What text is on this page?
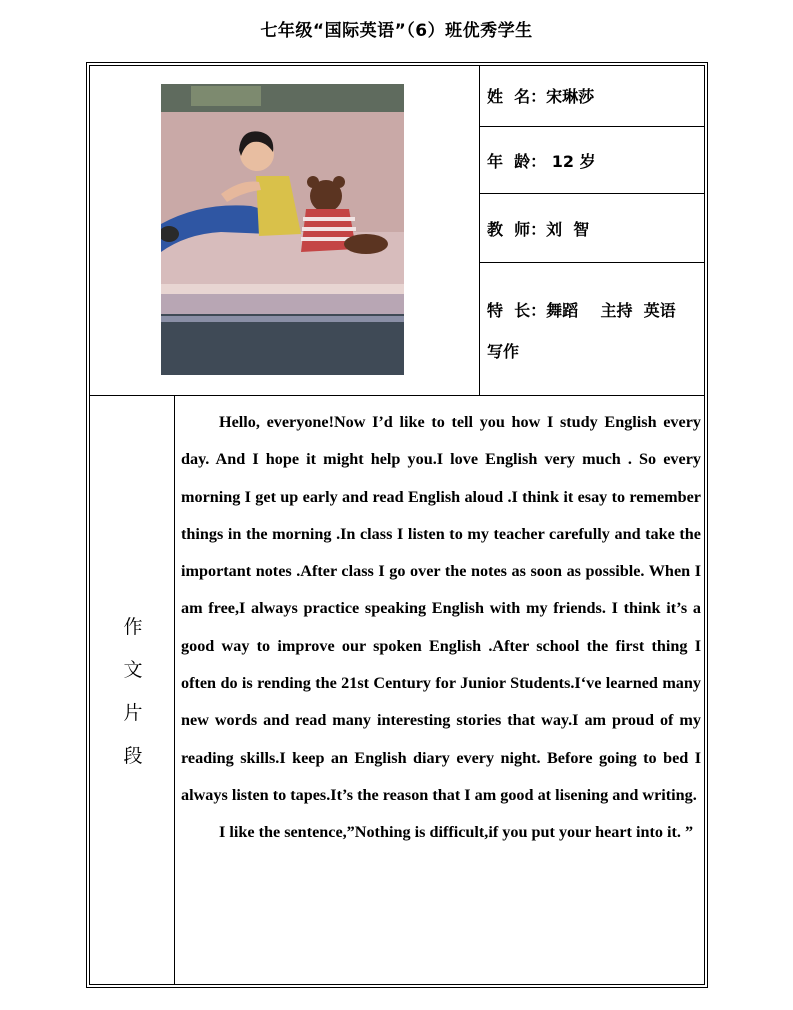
七年级“国际英语”（6）班优秀学生
姓  名：宋琳莎
年  龄： 12 岁
教  师：刘  智
特  长：舞蹈    主持  英语
写作
作
文
片
段

Hello, everyone!Now I’d like to tell you how I study English every day. And I hope it might help you.I love English very much . So every morning I get up early and read English aloud .I think it esay to remember things in the morning .In class I listen to my teacher carefully and take the important notes .After class I go over the notes as soon as possible. When I am free,I always practice speaking English with my friends. I think it’s a good way to improve our spoken English .After school the first thing I often do is rending the 21st Century for Junior Students.I‘ve learned many new words and read many interesting stories that way.I am proud of my reading skills.I keep an English diary every night. Before going to bed I always listen to tapes.It’s the reason that I am good at lisening and writing.

I like the sentence,”Nothing is difficult,if you put your heart into it. ”
